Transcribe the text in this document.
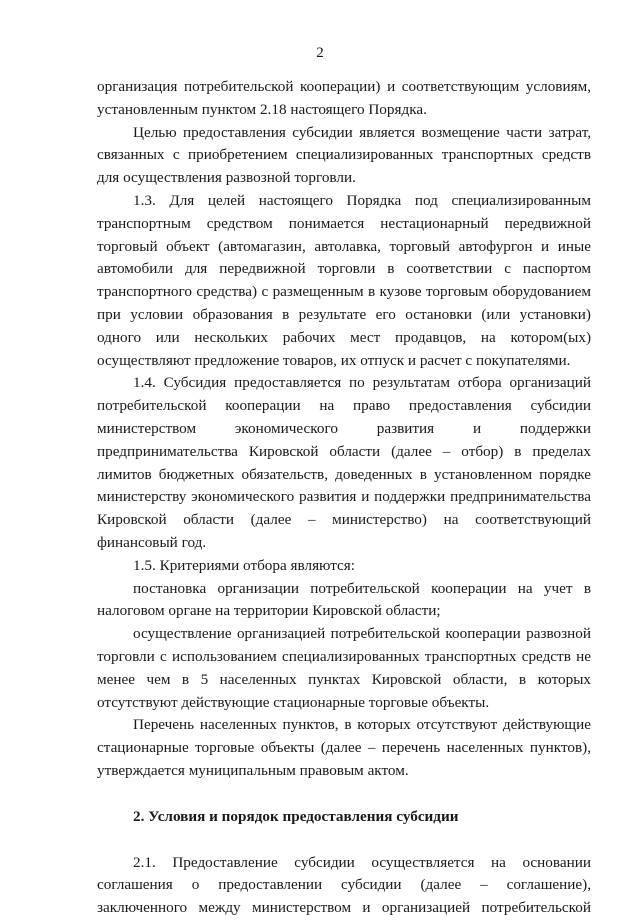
2

организация потребительской кооперации) и соответствующим условиям, установленным пунктом 2.18 настоящего Порядка.

Целью предоставления субсидии является возмещение части затрат, связанных с приобретением специализированных транспортных средств для осуществления развозной торговли.

1.3. Для целей настоящего Порядка под специализированным транспортным средством понимается нестационарный передвижной торговый объект (автомагазин, автолавка, торговый автофургон и иные автомобили для передвижной торговли в соответствии с паспортом транспортного средства) с размещенным в кузове торговым оборудованием при условии образования в результате его остановки (или установки) одного или нескольких рабочих мест продавцов, на котором(ых) осуществляют предложение товаров, их отпуск и расчет с покупателями.

1.4. Субсидия предоставляется по результатам отбора организаций потребительской кооперации на право предоставления субсидии министерством экономического развития и поддержки предпринимательства Кировской области (далее – отбор) в пределах лимитов бюджетных обязательств, доведенных в установленном порядке министерству экономического развития и поддержки предпринимательства Кировской области (далее – министерство) на соответствующий финансовый год.

1.5. Критериями отбора являются:

постановка организации потребительской кооперации на учет в налоговом органе на территории Кировской области;

осуществление организацией потребительской кооперации развозной торговли с использованием специализированных транспортных средств не менее чем в 5 населенных пунктах Кировской области, в которых отсутствуют действующие стационарные торговые объекты.

Перечень населенных пунктов, в которых отсутствуют действующие стационарные торговые объекты (далее – перечень населенных пунктов), утверждается муниципальным правовым актом.

2. Условия и порядок предоставления субсидии

2.1. Предоставление субсидии осуществляется на основании соглашения о предоставлении субсидии (далее – соглашение), заключенного между министерством и организацией потребительской
